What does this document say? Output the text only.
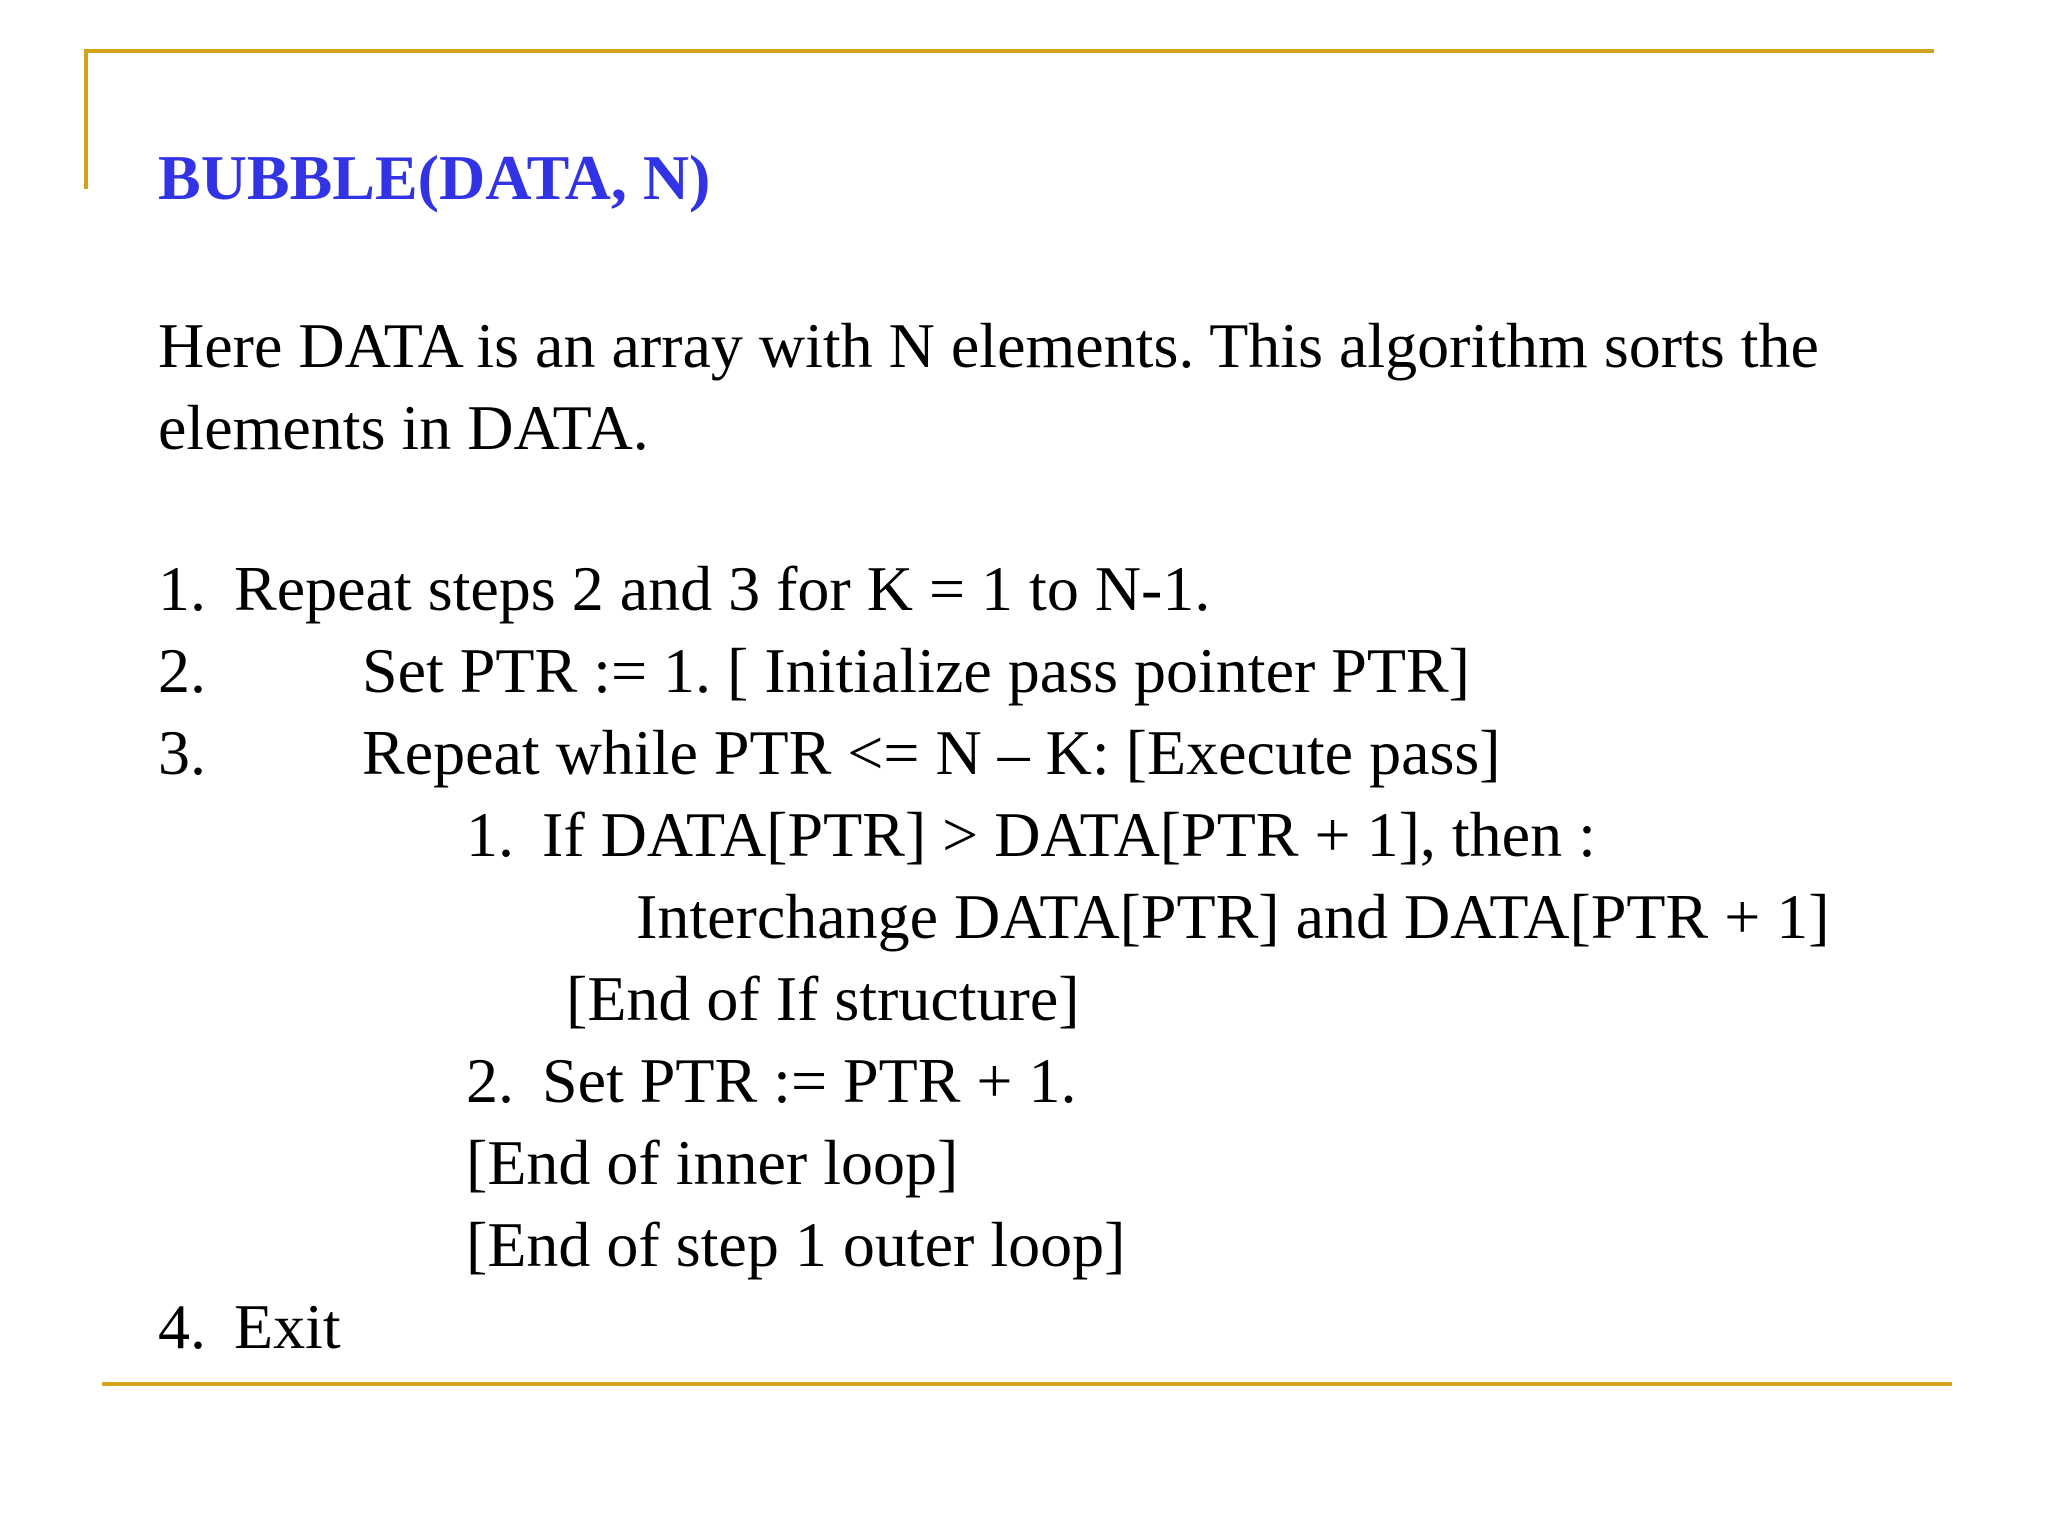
BUBBLE(DATA, N)
Here DATA is an array with N elements. This algorithm sorts the elements in DATA.
1. Repeat steps 2 and 3 for K = 1 to N-1.
2. Set PTR := 1. [ Initialize pass pointer PTR]
3. Repeat while PTR <= N – K: [Execute pass]
1. If DATA[PTR] > DATA[PTR + 1], then :
Interchange DATA[PTR] and DATA[PTR + 1]
[End of If structure]
2. Set PTR := PTR + 1.
[End of inner loop]
[End of step 1 outer loop]
4. Exit
